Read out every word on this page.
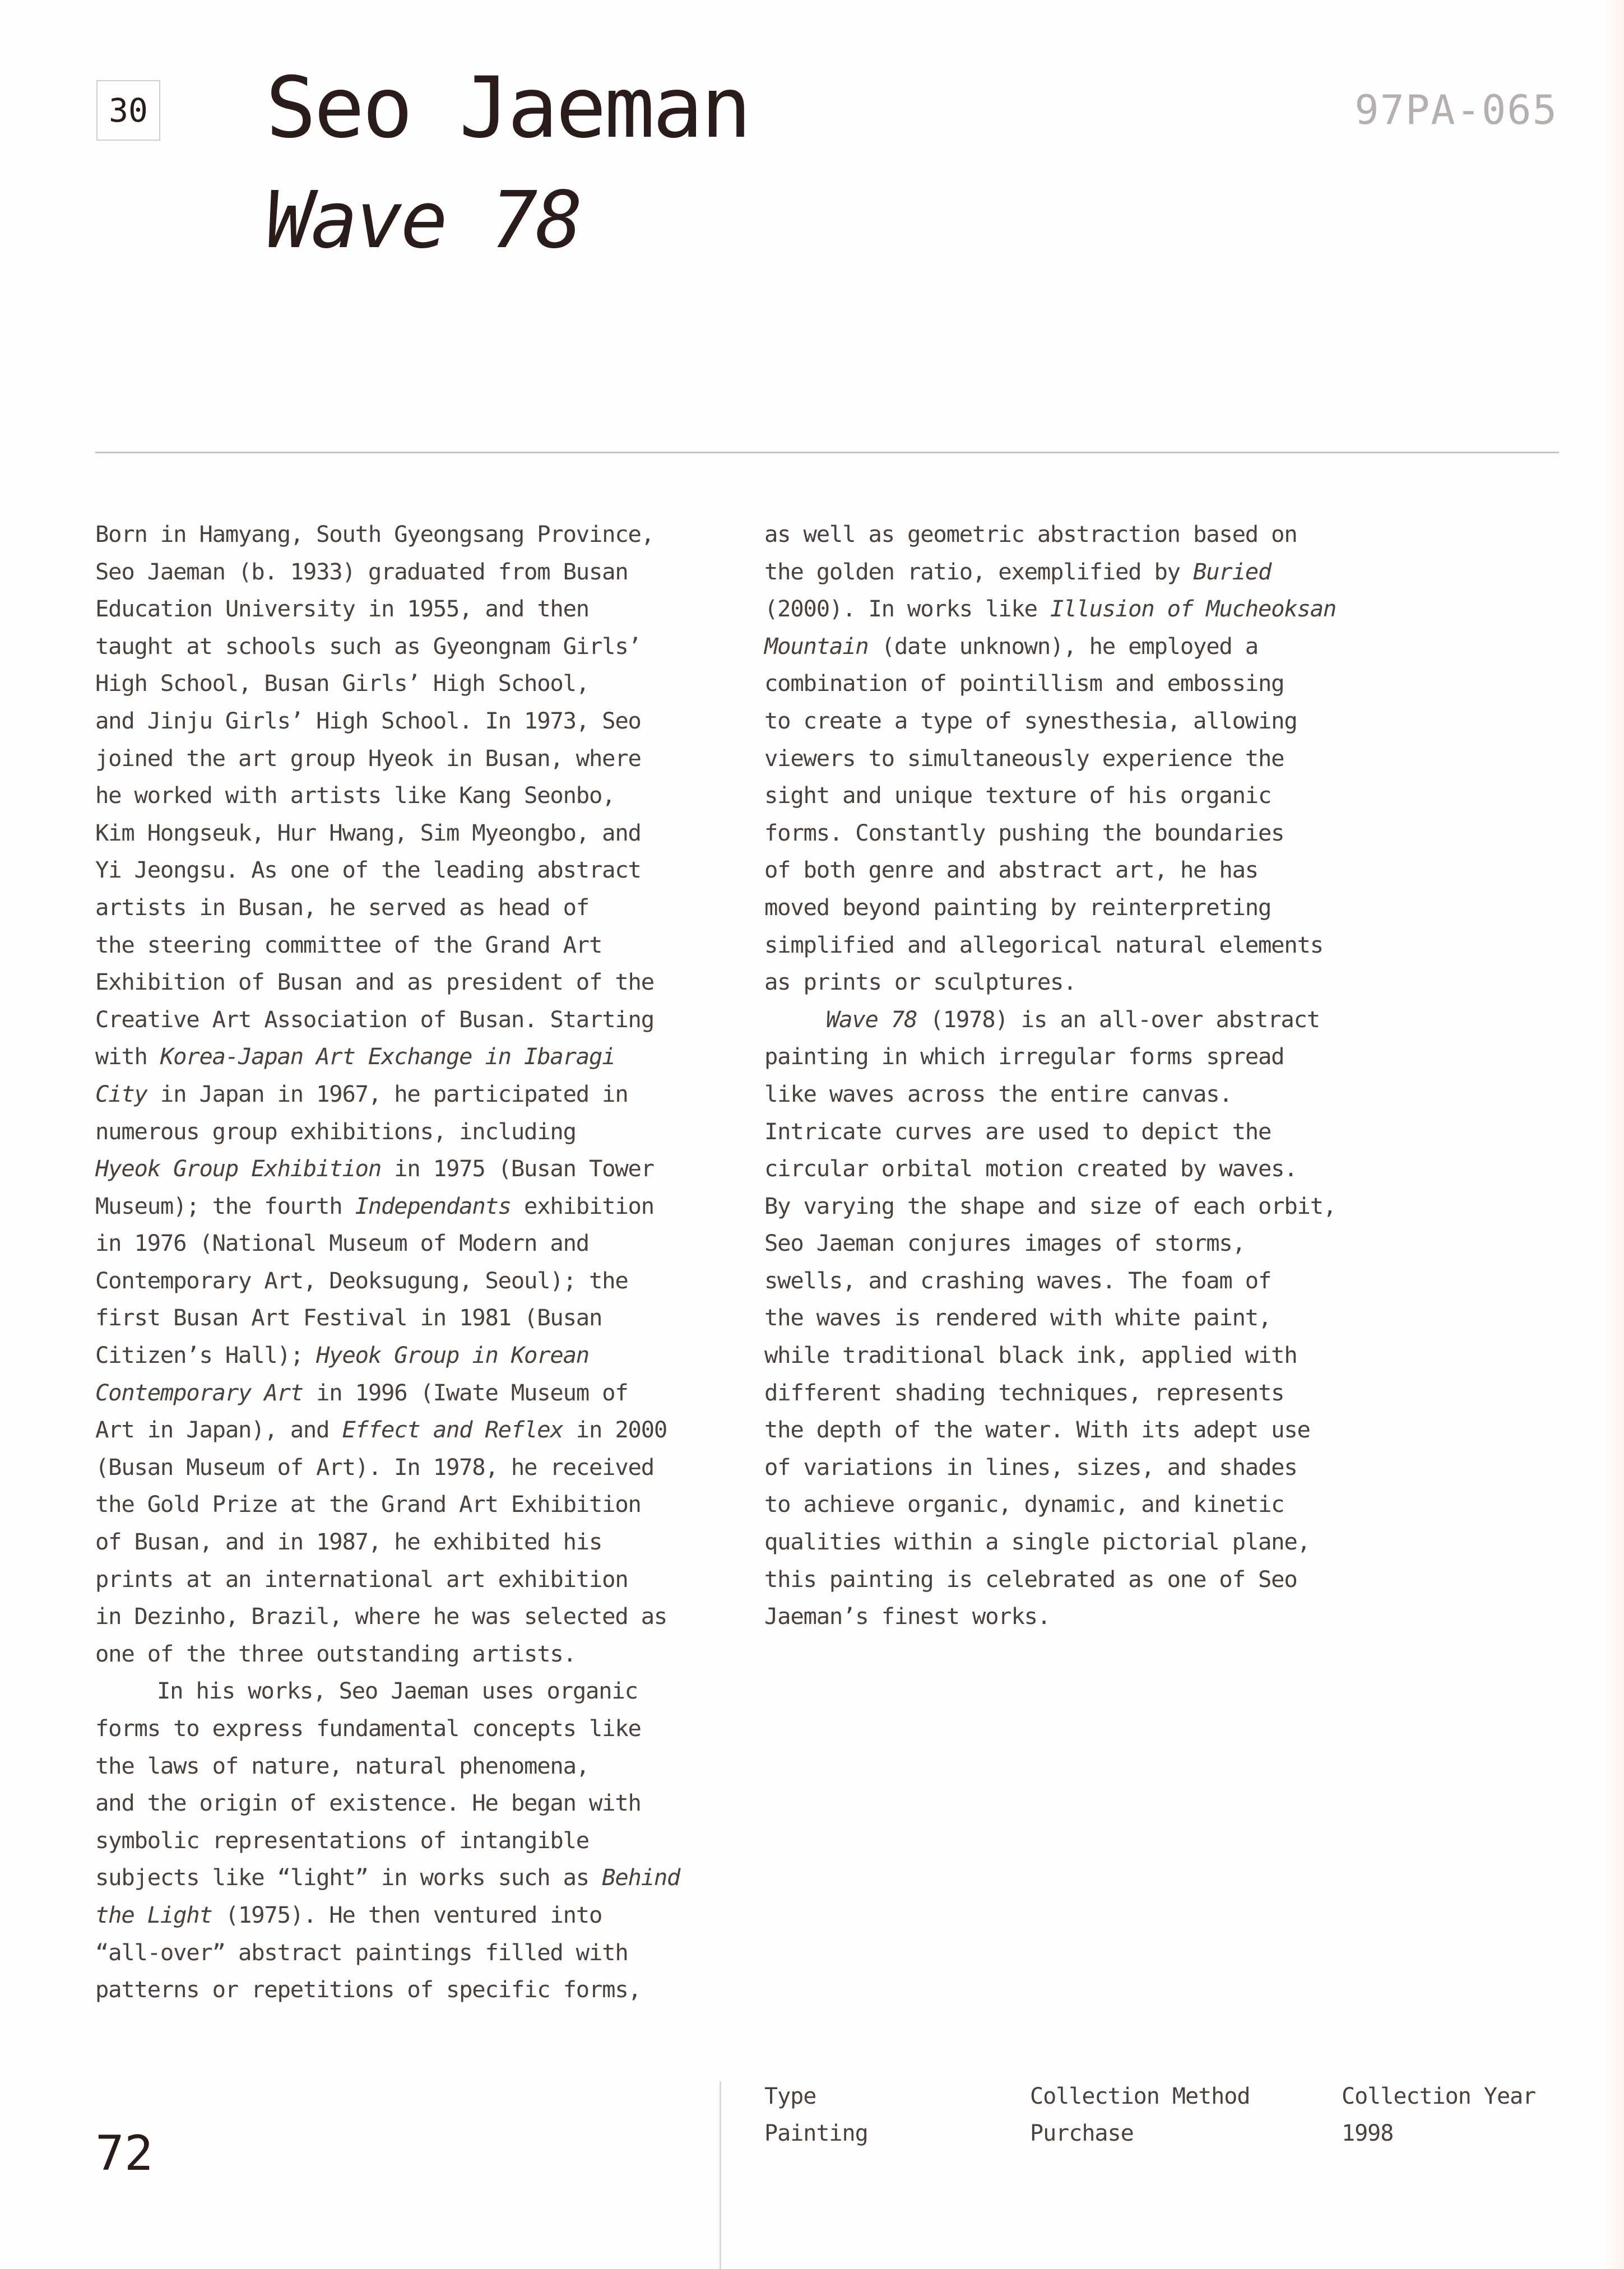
30 Seo Jaeman
Wave 78
97PA-065
Born in Hamyang, South Gyeongsang Province,
Seo Jaeman (b. 1933) graduated from Busan
Education University in 1955, and then
taught at schools such as Gyeongnam Girls’
High School, Busan Girls’ High School,
and Jinju Girls’ High School. In 1973, Seo
joined the art group Hyeok in Busan, where
he worked with artists like Kang Seonbo,
Kim Hongseuk, Hur Hwang, Sim Myeongbo, and
Yi Jeongsu. As one of the leading abstract
artists in Busan, he served as head of
the steering committee of the Grand Art
Exhibition of Busan and as president of the
Creative Art Association of Busan. Starting
with Korea-Japan Art Exchange in Ibaragi
City in Japan in 1967, he participated in
numerous group exhibitions, including
Hyeok Group Exhibition in 1975 (Busan Tower
Museum); the fourth Independants exhibition
in 1976 (National Museum of Modern and
Contemporary Art, Deoksugung, Seoul); the
first Busan Art Festival in 1981 (Busan
Citizen’s Hall); Hyeok Group in Korean
Contemporary Art in 1996 (Iwate Museum of
Art in Japan), and Effect and Reflex in 2000
(Busan Museum of Art). In 1978, he received
the Gold Prize at the Grand Art Exhibition
of Busan, and in 1987, he exhibited his
prints at an international art exhibition
in Dezinho, Brazil, where he was selected as
one of the three outstanding artists.
In his works, Seo Jaeman uses organic
forms to express fundamental concepts like
the laws of nature, natural phenomena,
and the origin of existence. He began with
symbolic representations of intangible
subjects like “light” in works such as Behind
the Light (1975). He then ventured into
“all-over” abstract paintings filled with
patterns or repetitions of specific forms,
as well as geometric abstraction based on
the golden ratio, exemplified by Buried
(2000). In works like Illusion of Mucheoksan
Mountain (date unknown), he employed a
combination of pointillism and embossing
to create a type of synesthesia, allowing
viewers to simultaneously experience the
sight and unique texture of his organic
forms. Constantly pushing the boundaries
of both genre and abstract art, he has
moved beyond painting by reinterpreting
simplified and allegorical natural elements
as prints or sculptures.
Wave 78 (1978) is an all-over abstract
painting in which irregular forms spread
like waves across the entire canvas.
Intricate curves are used to depict the
circular orbital motion created by waves.
By varying the shape and size of each orbit,
Seo Jaeman conjures images of storms,
swells, and crashing waves. The foam of
the waves is rendered with white paint,
while traditional black ink, applied with
different shading techniques, represents
the depth of the water. With its adept use
of variations in lines, sizes, and shades
to achieve organic, dynamic, and kinetic
qualities within a single pictorial plane,
this painting is celebrated as one of Seo
Jaeman’s finest works.
72
Type
Painting
Collection Method
Purchase
Collection Year
1998
